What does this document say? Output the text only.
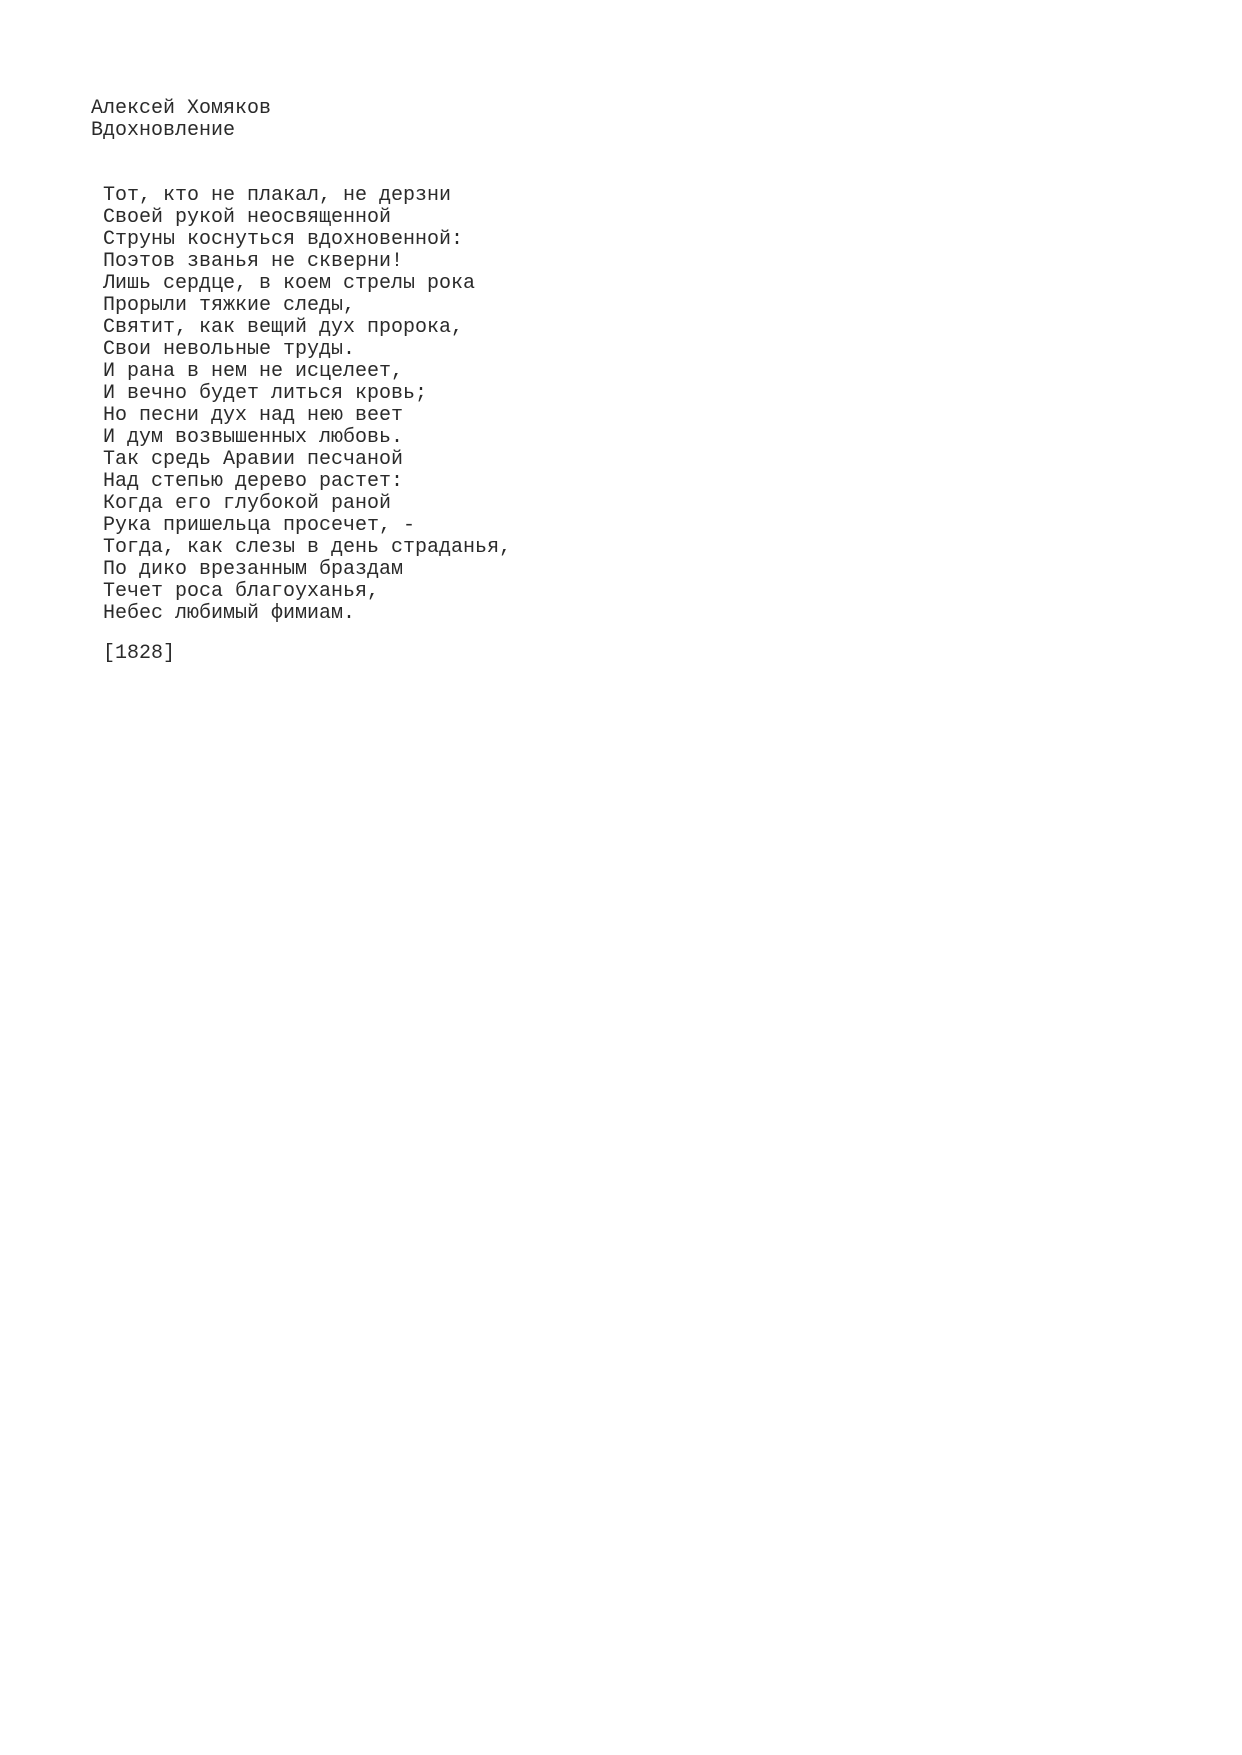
Алексей Хомяков
Вдохновление
Тот, кто не плакал, не дерзни
Своей рукой неосвященной
Струны коснуться вдохновенной:
Поэтов званья не скверни!
Лишь сердце, в коем стрелы рока
Прорыли тяжкие следы,
Святит, как вещий дух пророка,
Свои невольные труды.
И рана в нем не исцелеет,
И вечно будет литься кровь;
Но песни дух над нею веет
И дум возвышенных любовь.
Так средь Аравии песчаной
Над степью дерево растет:
Когда его глубокой раной
Рука пришельца просечет, -
Тогда, как слезы в день страданья,
По дико врезанным браздам
Течет роса благоуханья,
Небес любимый фимиам.
[1828]
